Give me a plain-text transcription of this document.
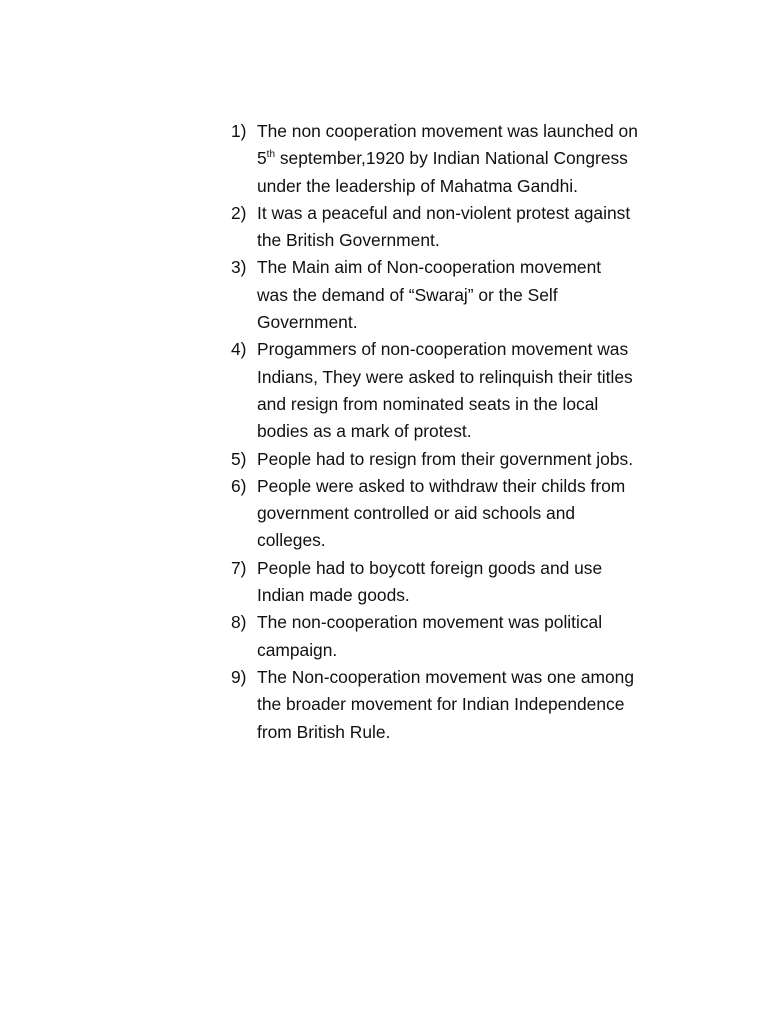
1) The non cooperation movement was launched on
5th september,1920 by Indian National Congress
under the leadership of Mahatma Gandhi.
2) It was a peaceful and non-violent protest against
the British Government.
3) The Main aim of Non-cooperation movement
was the demand of “Swaraj” or the Self
Government.
4) Progammers of non-cooperation movement was
Indians, They were asked to relinquish their titles
and resign from nominated seats in the local
bodies as a mark of protest.
5) People had to resign from their government jobs.
6) People were asked to withdraw their childs from
government controlled or aid schools and
colleges.
7) People had to boycott foreign goods and use
Indian made goods.
8) The non-cooperation movement was political
campaign.
9) The Non-cooperation movement was one among
the broader movement for Indian Independence
from British Rule.
